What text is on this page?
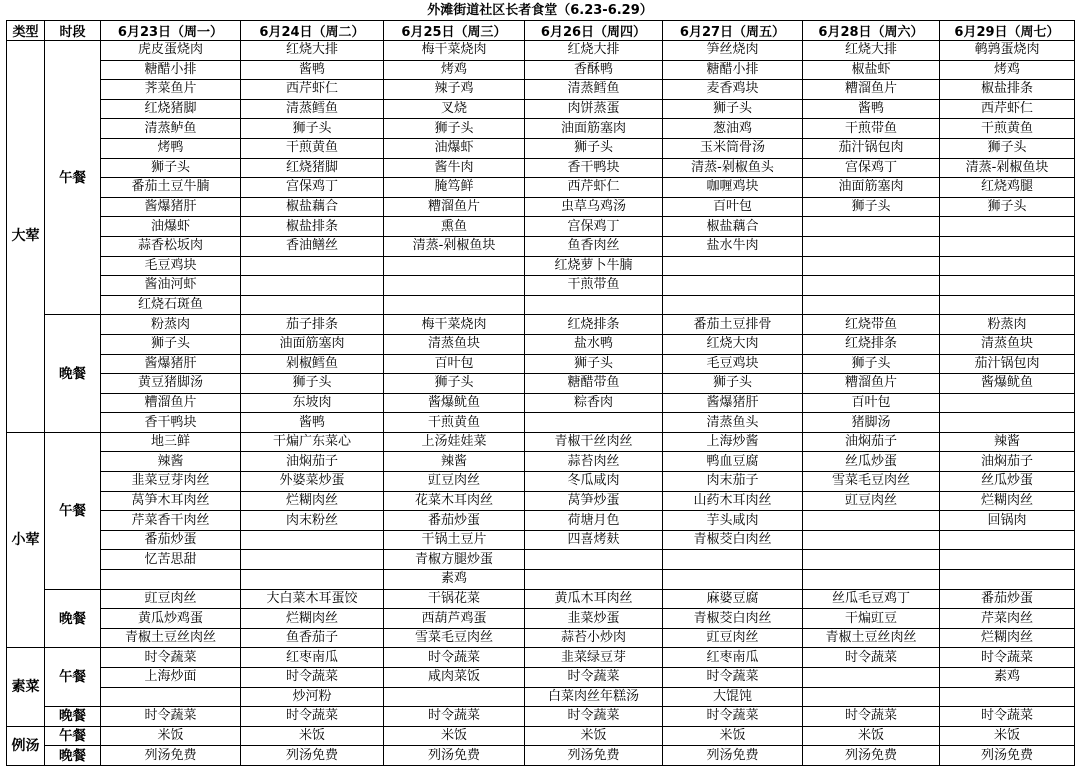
外滩街道社区长者食堂（6.23-6.29）
类型	时段	6月23日（周一）	6月24日（周二）	6月25日（周三）	6月26日（周四）	6月27日（周五）	6月28日（周六）	6月29日（周七）
大荤	午餐	虎皮蛋烧肉	红烧大排	梅干菜烧肉	红烧大排	笋丝烧肉	红烧大排	鹌鹑蛋烧肉
		糖醋小排	酱鸭	烤鸡	香酥鸭	糖醋小排	椒盐虾	烤鸡
		荠菜鱼片	西芹虾仁	辣子鸡	清蒸鳕鱼	麦香鸡块	糟溜鱼片	椒盐排条
		红烧猪脚	清蒸鳕鱼	叉烧	肉饼蒸蛋	狮子头	酱鸭	西芹虾仁
		清蒸鲈鱼	狮子头	狮子头	油面筋塞肉	葱油鸡	干煎带鱼	干煎黄鱼
		烤鸭	干煎黄鱼	油爆虾	狮子头	玉米筒骨汤	茄汁锅包肉	狮子头
		狮子头	红烧猪脚	酱牛肉	香干鸭块	清蒸-剁椒鱼头	宫保鸡丁	清蒸-剁椒鱼块
		番茄土豆牛腩	宫保鸡丁	腌笃鲜	西芹虾仁	咖喱鸡块	油面筋塞肉	红烧鸡腿
		酱爆猪肝	椒盐藕合	糟溜鱼片	虫草乌鸡汤	百叶包	狮子头	狮子头
		油爆虾	椒盐排条	熏鱼	宫保鸡丁	椒盐藕合		
		蒜香松坂肉	香油鳝丝	清蒸-剁椒鱼块	鱼香肉丝	盐水牛肉		
		毛豆鸡块			红烧萝卜牛腩			
		酱油河虾			干煎带鱼			
		红烧石斑鱼						
	晚餐	粉蒸肉	茄子排条	梅干菜烧肉	红烧排条	番茄土豆排骨	红烧带鱼	粉蒸肉
		狮子头	油面筋塞肉	清蒸鱼块	盐水鸭	红烧大肉	红烧排条	清蒸鱼块
		酱爆猪肝	剁椒鳕鱼	百叶包	狮子头	毛豆鸡块	狮子头	茄汁锅包肉
		黄豆猪脚汤	狮子头	狮子头	糖醋带鱼	狮子头	糟溜鱼片	酱爆鱿鱼
		糟溜鱼片	东坡肉	酱爆鱿鱼	粽香肉	酱爆猪肝	百叶包	
		香干鸭块	酱鸭	干煎黄鱼		清蒸鱼头	猪脚汤	
小荤	午餐	地三鲜	干煸广东菜心	上汤娃娃菜	青椒干丝肉丝	上海炒酱	油焖茄子	辣酱
		辣酱	油焖茄子	辣酱	蒜苔肉丝	鸭血豆腐	丝瓜炒蛋	油焖茄子
		韭菜豆芽肉丝	外婆菜炒蛋	豇豆肉丝	冬瓜咸肉	肉末茄子	雪菜毛豆肉丝	丝瓜炒蛋
		莴笋木耳肉丝	烂糊肉丝	花菜木耳肉丝	莴笋炒蛋	山药木耳肉丝	豇豆肉丝	烂糊肉丝
		芹菜香干肉丝	肉末粉丝	番茄炒蛋	荷塘月色	芋头咸肉		回锅肉
		番茄炒蛋		干锅土豆片	四喜烤麸	青椒茭白肉丝		
		忆苦思甜		青椒方腿炒蛋				
				素鸡				
	晚餐	豇豆肉丝	大白菜木耳蛋饺	干锅花菜	黄瓜木耳肉丝	麻婆豆腐	丝瓜毛豆鸡丁	番茄炒蛋
		黄瓜炒鸡蛋	烂糊肉丝	西葫芦鸡蛋	韭菜炒蛋	青椒茭白肉丝	干煸豇豆	芹菜肉丝
		青椒土豆丝肉丝	鱼香茄子	雪菜毛豆肉丝	蒜苔小炒肉	豇豆肉丝	青椒土豆丝肉丝	烂糊肉丝
素菜	午餐	时令蔬菜	红枣南瓜	时令蔬菜	韭菜绿豆芽	红枣南瓜	时令蔬菜	时令蔬菜
		上海炒面	时令蔬菜	咸肉菜饭	时令蔬菜	时令蔬菜		素鸡
			炒河粉		白菜肉丝年糕汤	大馄饨		
	晚餐	时令蔬菜	时令蔬菜	时令蔬菜	时令蔬菜	时令蔬菜	时令蔬菜	时令蔬菜
例汤	午餐	米饭	米饭	米饭	米饭	米饭	米饭	米饭
	晚餐	列汤免费	列汤免费	列汤免费	列汤免费	列汤免费	列汤免费	列汤免费
